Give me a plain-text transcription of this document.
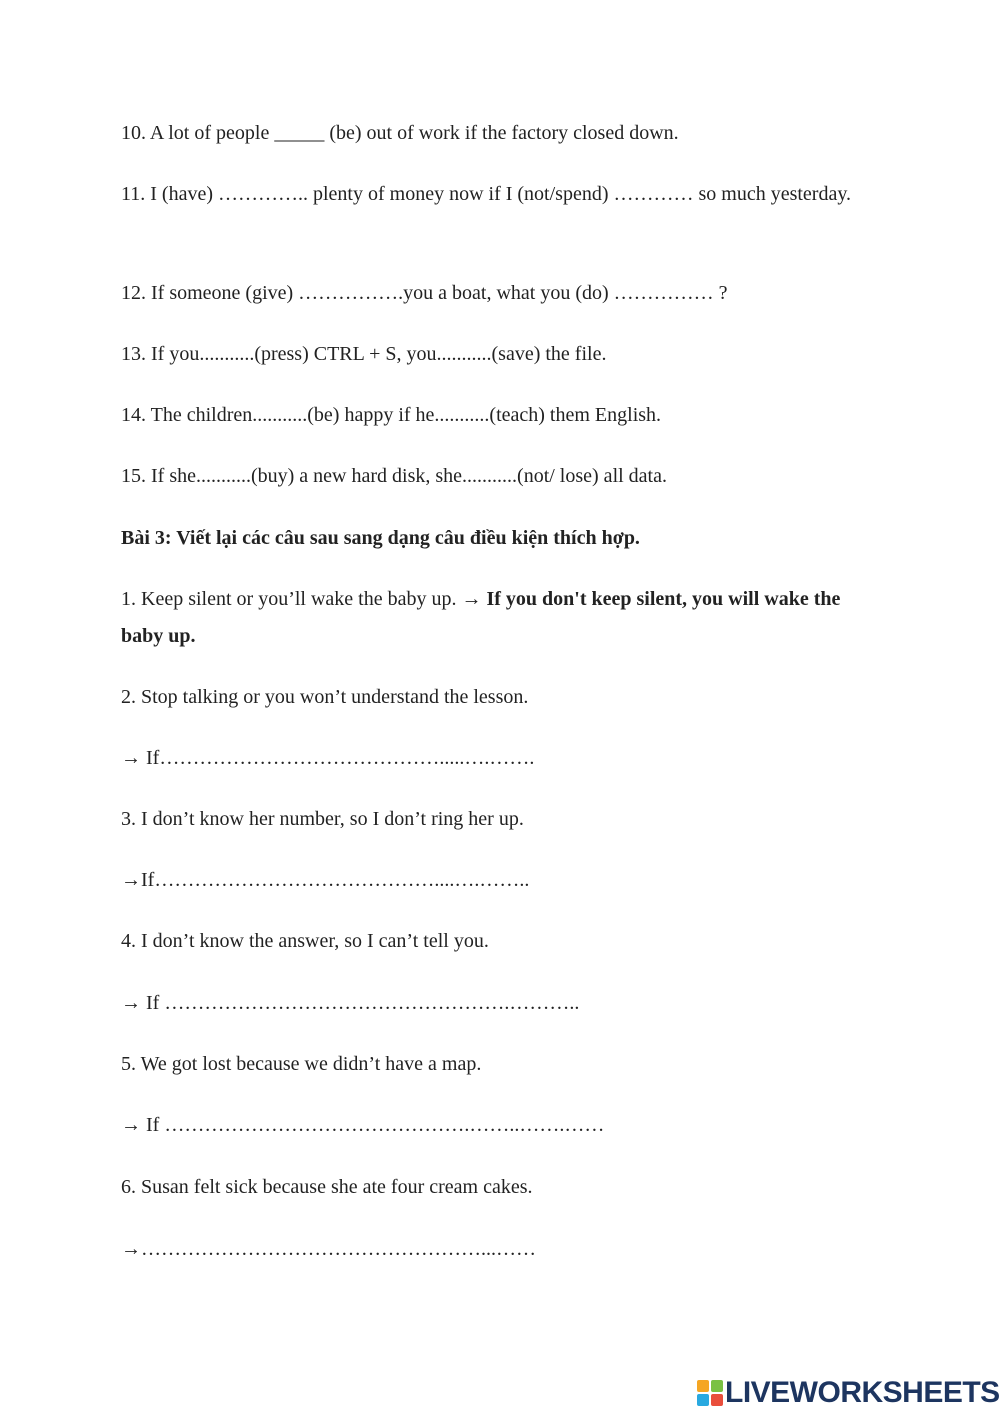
10. A lot of people _____ (be) out of work if the factory closed down.
11. I (have) ………….. plenty of money now if I (not/spend) ………… so much yesterday.
12. If someone (give) …………….you a boat, what you (do) …………… ?
13. If you...........(press) CTRL + S, you...........(save) the file.
14. The children...........(be) happy if he...........(teach) them English.
15. If she...........(buy) a new hard disk, she...........(not/ lose) all data.
Bài 3: Viết lại các câu sau sang dạng câu điều kiện thích hợp.
1. Keep silent or you’ll wake the baby up. → If you don't keep silent, you will wake the baby up.
2. Stop talking or you won’t understand the lesson.
→ If…………………………………….....….…….
3. I don’t know her number, so I don’t ring her up.
→If……………………………………....….……..
4. I don’t know the answer, so I can’t tell you.
→ If …………………………………………….………..
5. We got lost because we didn’t have a map.
→ If ……………………………………….……..…….……
6. Susan felt sick because she ate four cream cakes.
→……………………………………………...……
LIVEWORKSHEETS
